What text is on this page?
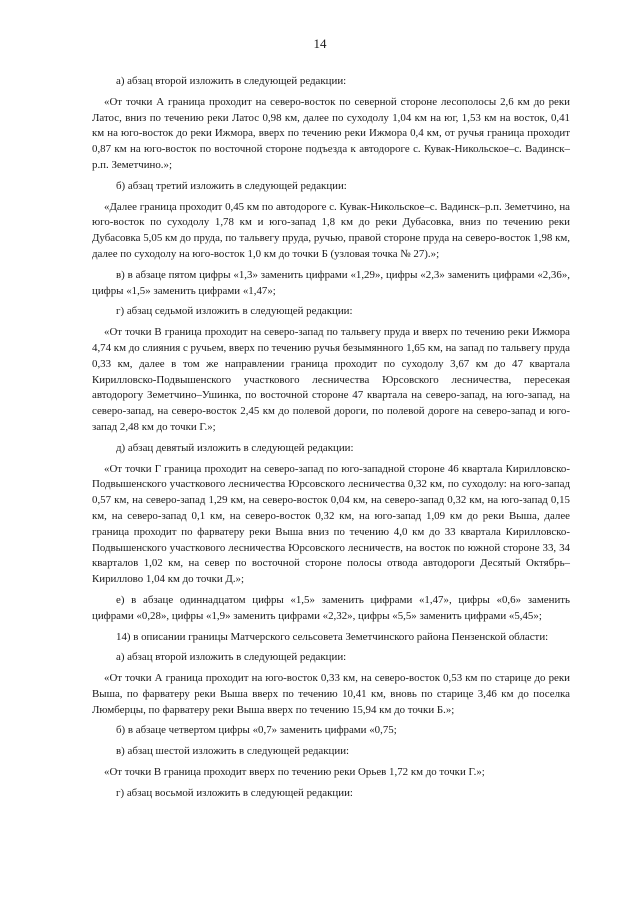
14

а) абзац второй изложить в следующей редакции:

«От точки А граница проходит на северо-восток по северной стороне лесополосы 2,6 км до реки Латос, вниз по течению реки Латос 0,98 км, далее по суходолу 1,04 км на юг, 1,53 км на восток, 0,41 км на юго-восток до реки Ижмора, вверх по течению реки Ижмора 0,4 км, от ручья граница проходит 0,87 км на юго-восток по восточной стороне подъезда к автодороге с. Кувак-Никольское–с. Вадинск–р.п. Земетчино.»;

б) абзац третий изложить в следующей редакции:

«Далее граница проходит 0,45 км по автодороге с. Кувак-Никольское–с. Вадинск–р.п. Земетчино, на юго-восток по суходолу 1,78 км и юго-запад 1,8 км до реки Дубасовка, вниз по течению реки Дубасовка 5,05 км до пруда, по тальвегу пруда, ручью, правой стороне пруда на северо-восток 1,98 км, далее по суходолу на юго-восток 1,0 км до точки Б (узловая точка № 27).»;

в) в абзаце пятом цифры «1,3» заменить цифрами «1,29», цифры «2,3» заменить цифрами «2,36», цифры «1,5» заменить цифрами «1,47»;

г) абзац седьмой изложить в следующей редакции:

«От точки В граница проходит на северо-запад по тальвегу пруда и вверх по течению реки Ижмора 4,74 км до слияния с ручьем, вверх по течению ручья безымянного 1,65 км, на запад по тальвегу пруда 0,33 км, далее в том же направлении граница проходит по суходолу 3,67 км до 47 квартала Кирилловско-Подвышенского участкового лесничества Юрсовского лесничества, пересекая автодорогу Земетчино–Ушинка, по восточной стороне 47 квартала на северо-запад, на юго-запад, на северо-запад, на северо-восток 2,45 км до полевой дороги, по полевой дороге на северо-запад и юго-запад 2,48 км до точки Г.»;

д) абзац девятый изложить в следующей редакции:

«От точки Г граница проходит на северо-запад по юго-западной стороне 46 квартала Кирилловско-Подвышенского участкового лесничества Юрсовского лесничества 0,32 км, по суходолу: на юго-запад 0,57 км, на северо-запад 1,29 км, на северо-восток 0,04 км, на северо-запад 0,32 км, на юго-запад 0,15 км, на северо-запад 0,1 км, на северо-восток 0,32 км, на юго-запад 1,09 км до реки Выша, далее граница проходит по фарватеру реки Выша вниз по течению 4,0 км до 33 квартала Кирилловско-Подвышенского участкового лесничества Юрсовского лесничеств, на восток по южной стороне 33, 34 кварталов 1,02 км, на север по восточной стороне полосы отвода автодороги Десятый Октябрь–Кириллово 1,04 км до точки Д.»;

е) в абзаце одиннадцатом цифры «1,5» заменить цифрами «1,47», цифры «0,6» заменить цифрами «0,28», цифры «1,9» заменить цифрами «2,32», цифры «5,5» заменить цифрами «5,45»;

14) в описании границы Матчерского сельсовета Земетчинского района Пензенской области:

а) абзац второй изложить в следующей редакции:

«От точки А граница проходит на юго-восток 0,33 км, на северо-восток 0,53 км по старице до реки Выша, по фарватеру реки Выша вверх по течению 10,41 км, вновь по старице 3,46 км до поселка Люмберцы, по фарватеру реки Выша вверх по течению 15,94 км до точки Б.»;

б) в абзаце четвертом цифры «0,7» заменить цифрами «0,75;

в) абзац шестой изложить в следующей редакции:

«От точки В граница проходит вверх по течению реки Орьев 1,72 км до точки Г.»;

г) абзац восьмой изложить в следующей редакции:
